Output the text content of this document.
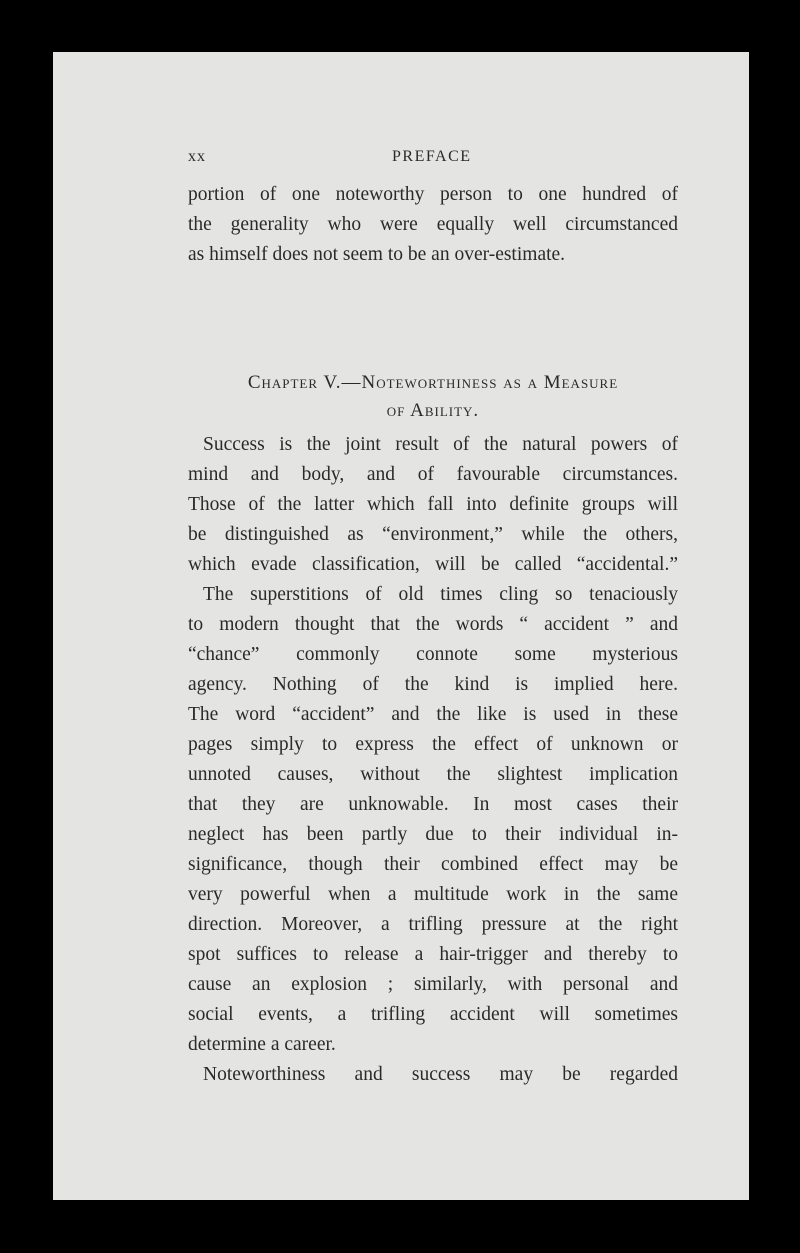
xx	PREFACE
portion of one noteworthy person to one hundred of
the generality who were equally well circumstanced
as himself does not seem to be an over-estimate.
Chapter V.—Noteworthiness as a Measure
of Ability.
Success is the joint result of the natural powers of
mind and body, and of favourable circumstances.
Those of the latter which fall into definite groups will
be distinguished as “environment,” while the others,
which evade classification, will be called “accidental.”
The superstitions of old times cling so tenaciously
to modern thought that the words “ accident ” and
“chance” commonly connote some mysterious
agency. Nothing of the kind is implied here.
The word “accident” and the like is used in these
pages simply to express the effect of unknown or
unnoted causes, without the slightest implication
that they are unknowable. In most cases their
neglect has been partly due to their individual in-
significance, though their combined effect may be
very powerful when a multitude work in the same
direction. Moreover, a trifling pressure at the right
spot suffices to release a hair-trigger and thereby to
cause an explosion ; similarly, with personal and
social events, a trifling accident will sometimes
determine a career.
Noteworthiness and success may be regarded
